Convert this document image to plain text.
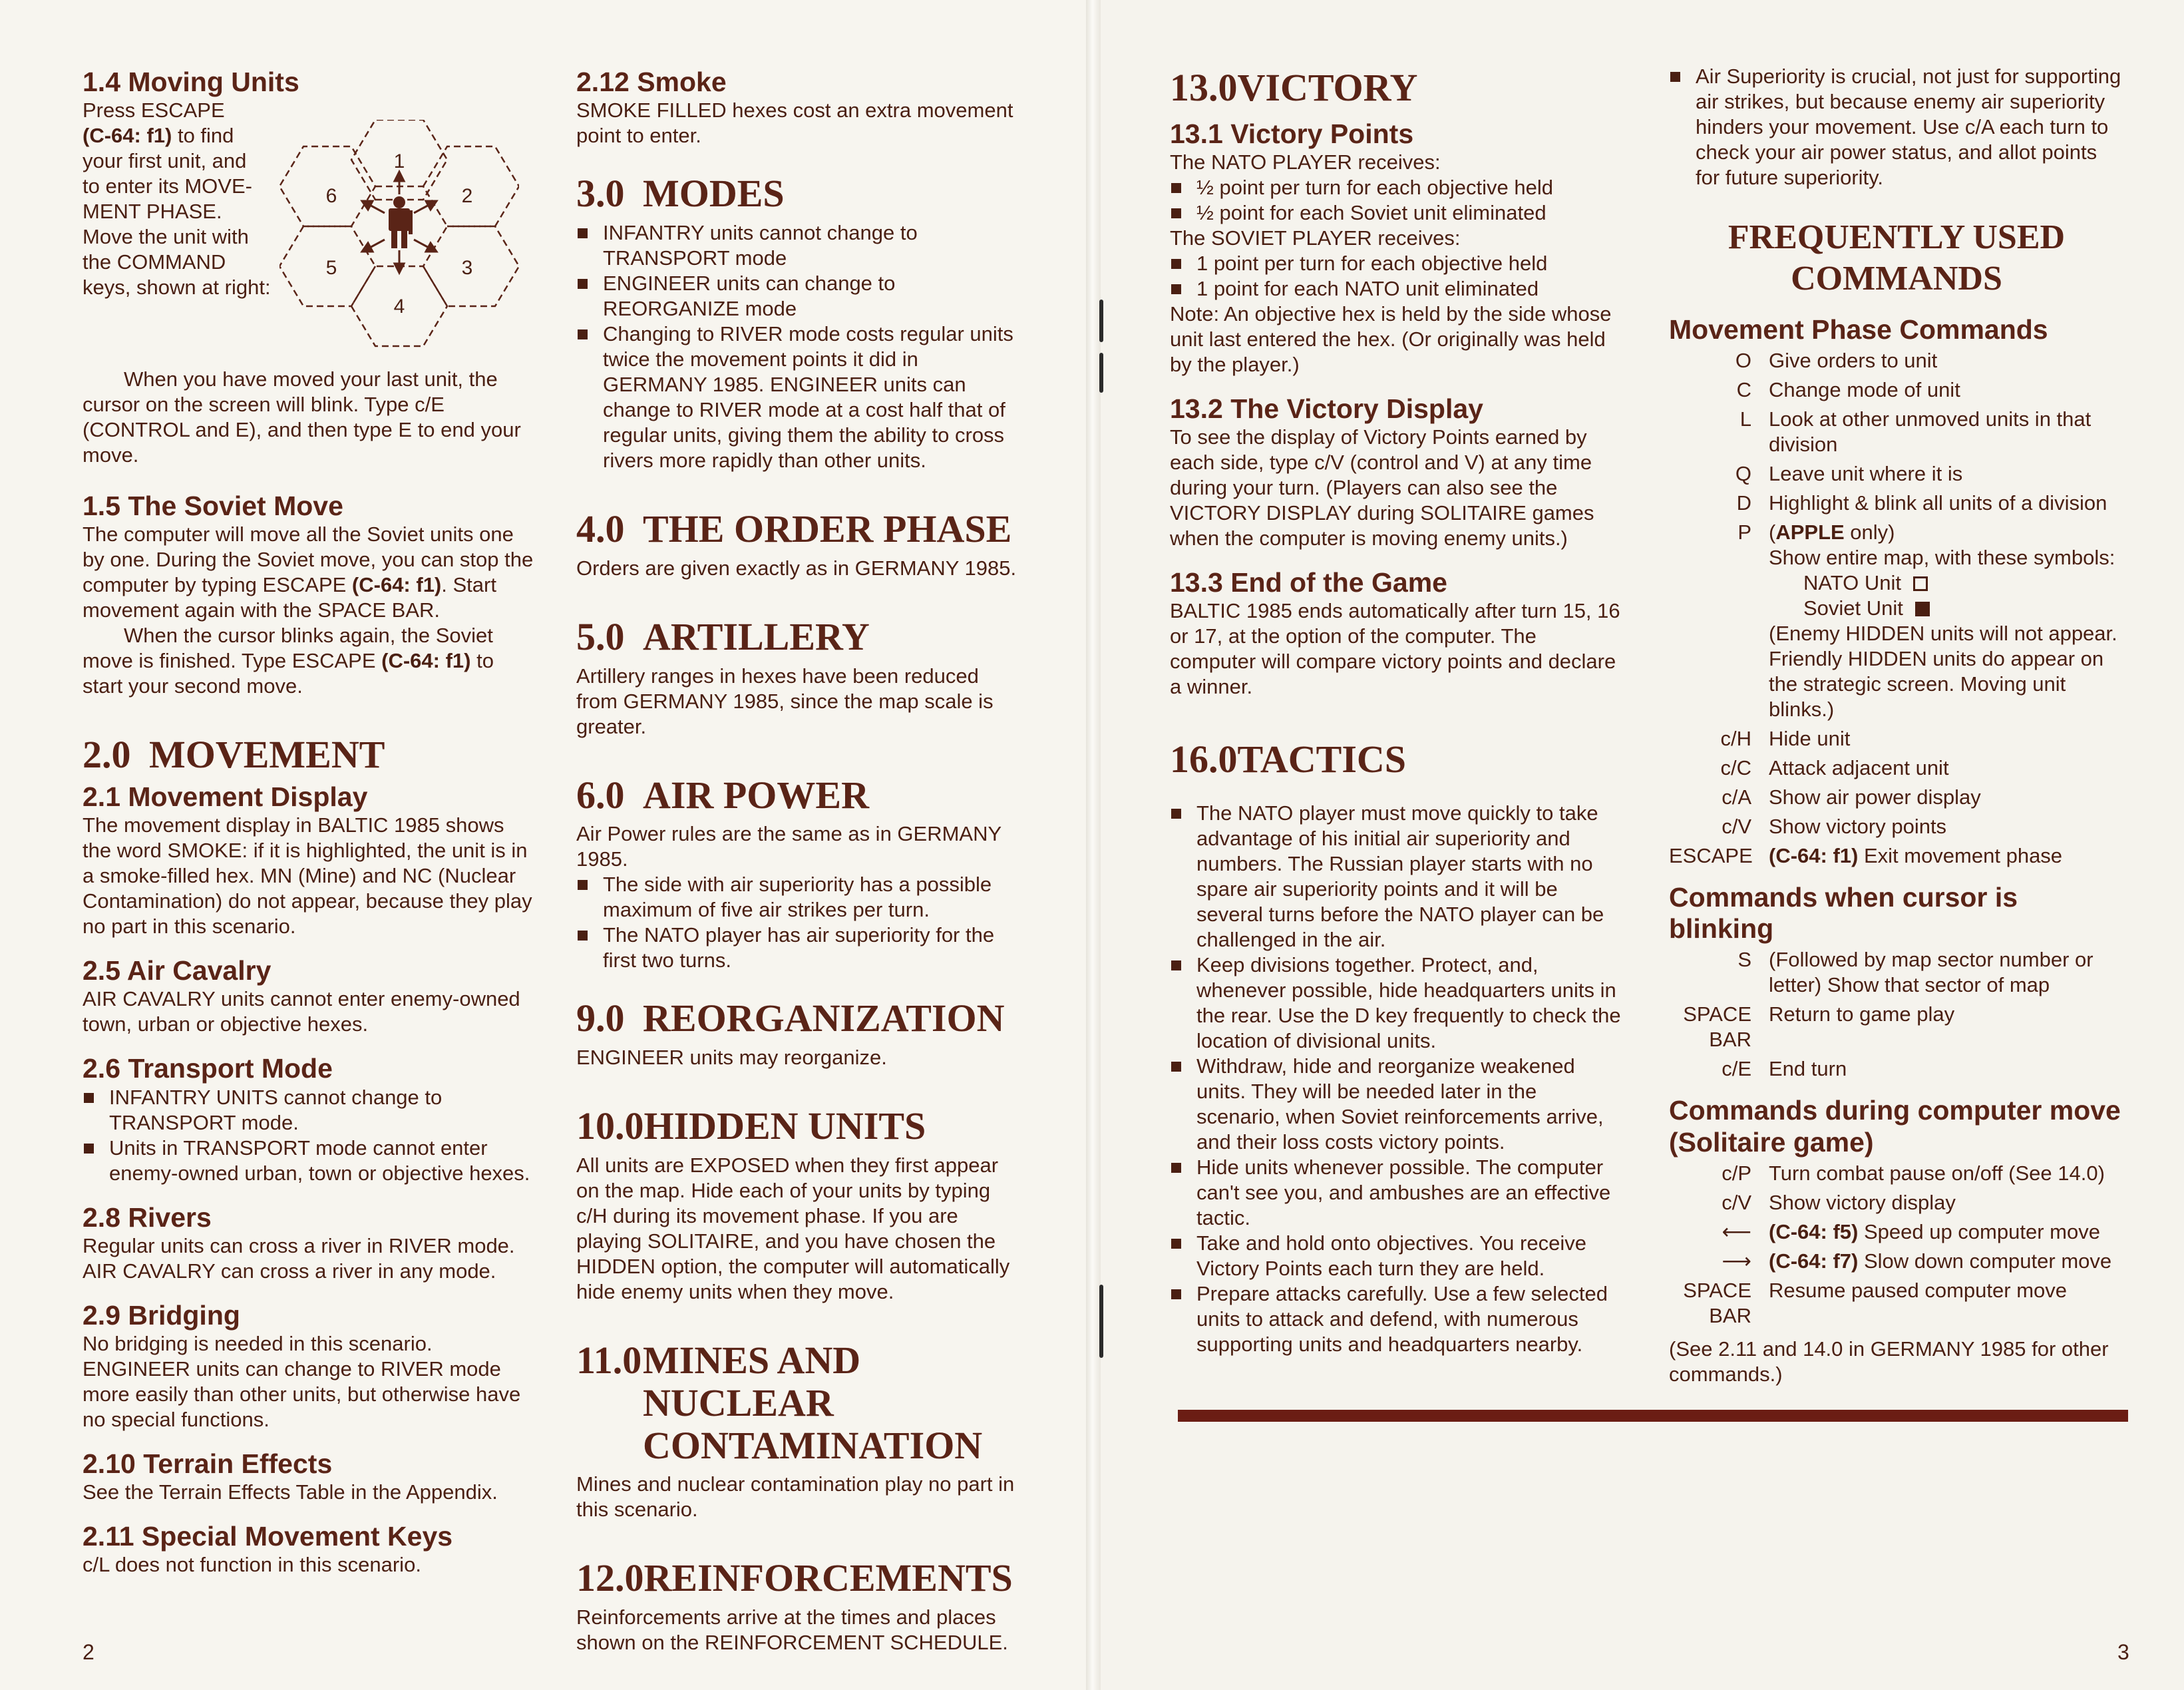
1.4 Moving Units
Press ESCAPE
(C-64: f1) to find
your first unit, and
to enter its MOVE-
MENT PHASE.
Move the unit with
the COMMAND
keys, shown at right:
When you have moved your last unit, the cursor on the screen will blink. Type c/E (CONTROL and E), and then type E to end your move.
1.5 The Soviet Move
The computer will move all the Soviet units one by one. During the Soviet move, you can stop the computer by typing ESCAPE (C-64: f1). Start movement again with the SPACE BAR.
When the cursor blinks again, the Soviet move is finished. Type ESCAPE (C-64: f1) to start your second move.
2.0 MOVEMENT
2.1 Movement Display
The movement display in BALTIC 1985 shows the word SMOKE: if it is highlighted, the unit is in a smoke-filled hex. MN (Mine) and NC (Nuclear Contamination) do not appear, because they play no part in this scenario.
2.5 Air Cavalry
AIR CAVALRY units cannot enter enemy-owned town, urban or objective hexes.
2.6 Transport Mode
INFANTRY UNITS cannot change to TRANSPORT mode.
Units in TRANSPORT mode cannot enter enemy-owned urban, town or objective hexes.
2.8 Rivers
Regular units can cross a river in RIVER mode. AIR CAVALRY can cross a river in any mode.
2.9 Bridging
No bridging is needed in this scenario. ENGINEER units can change to RIVER mode more easily than other units, but otherwise have no special functions.
2.10 Terrain Effects
See the Terrain Effects Table in the Appendix.
2.11 Special Movement Keys
c/L does not function in this scenario.
1
2
3
4
5
6
2.12 Smoke
SMOKE FILLED hexes cost an extra movement point to enter.
3.0 MODES
INFANTRY units cannot change to TRANSPORT mode
ENGINEER units can change to REORGANIZE mode
Changing to RIVER mode costs regular units twice the movement points it did in GERMANY 1985. ENGINEER units can change to RIVER mode at a cost half that of regular units, giving them the ability to cross rivers more rapidly than other units.
4.0 THE ORDER PHASE
Orders are given exactly as in GERMANY 1985.
5.0 ARTILLERY
Artillery ranges in hexes have been reduced from GERMANY 1985, since the map scale is greater.
6.0 AIR POWER
Air Power rules are the same as in GERMANY 1985.
The side with air superiority has a possible maximum of five air strikes per turn.
The NATO player has air superiority for the first two turns.
9.0 REORGANIZATION
ENGINEER units may reorganize.
10.0HIDDEN UNITS
All units are EXPOSED when they first appear on the map. Hide each of your units by typing c/H during its movement phase. If you are playing SOLITAIRE, and you have chosen the HIDDEN option, the computer will automatically hide enemy units when they move.
11.0MINES AND
NUCLEAR
CONTAMINATION
Mines and nuclear contamination play no part in this scenario.
12.0REINFORCEMENTS
Reinforcements arrive at the times and places shown on the REINFORCEMENT SCHEDULE.
2
13.0VICTORY
13.1 Victory Points
The NATO PLAYER receives:
½ point per turn for each objective held
½ point for each Soviet unit eliminated
The SOVIET PLAYER receives:
1 point per turn for each objective held
1 point for each NATO unit eliminated
Note: An objective hex is held by the side whose unit last entered the hex. (Or originally was held by the player.)
13.2 The Victory Display
To see the display of Victory Points earned by each side, type c/V (control and V) at any time during your turn. (Players can also see the VICTORY DISPLAY during SOLITAIRE games when the computer is moving enemy units.)
13.3 End of the Game
BALTIC 1985 ends automatically after turn 15, 16 or 17, at the option of the computer. The computer will compare victory points and declare a winner.
16.0TACTICS
The NATO player must move quickly to take advantage of his initial air superiority and numbers. The Russian player starts with no spare air superiority points and it will be several turns before the NATO player can be challenged in the air.
Keep divisions together. Protect, and, whenever possible, hide headquarters units in the rear. Use the D key frequently to check the location of divisional units.
Withdraw, hide and reorganize weakened units. They will be needed later in the scenario, when Soviet reinforcements arrive, and their loss costs victory points.
Hide units whenever possible. The computer can't see you, and ambushes are an effective tactic.
Take and hold onto objectives. You receive Victory Points each turn they are held.
Prepare attacks carefully. Use a few selected units to attack and defend, with numerous supporting units and headquarters nearby.
Air Superiority is crucial, not just for supporting air strikes, but because enemy air superiority hinders your movement. Use c/A each turn to check your air power status, and allot points for future superiority.
FREQUENTLY USED
COMMANDS
Movement Phase Commands
O Give orders to unit
C Change mode of unit
L Look at other unmoved units in that division
Q Leave unit where it is
D Highlight & blink all units of a division
P (APPLE only)
Show entire map, with these symbols:
NATO Unit
Soviet Unit
(Enemy HIDDEN units will not appear. Friendly HIDDEN units do appear on the strategic screen. Moving unit blinks.)
c/H Hide unit
c/C Attack adjacent unit
c/A Show air power display
c/V Show victory points
ESCAPE (C-64: f1) Exit movement phase
Commands when cursor is blinking
S (Followed by map sector number or letter) Show that sector of map
SPACE BAR
Return to game play
c/E End turn
Commands during computer move
(Solitaire game)
c/P Turn combat pause on/off (See 14.0)
c/V Show victory display
⟵ (C-64: f5) Speed up computer move
⟶ (C-64: f7) Slow down computer move
SPACE BAR
Resume paused computer move
(See 2.11 and 14.0 in GERMANY 1985 for other commands.)
3
